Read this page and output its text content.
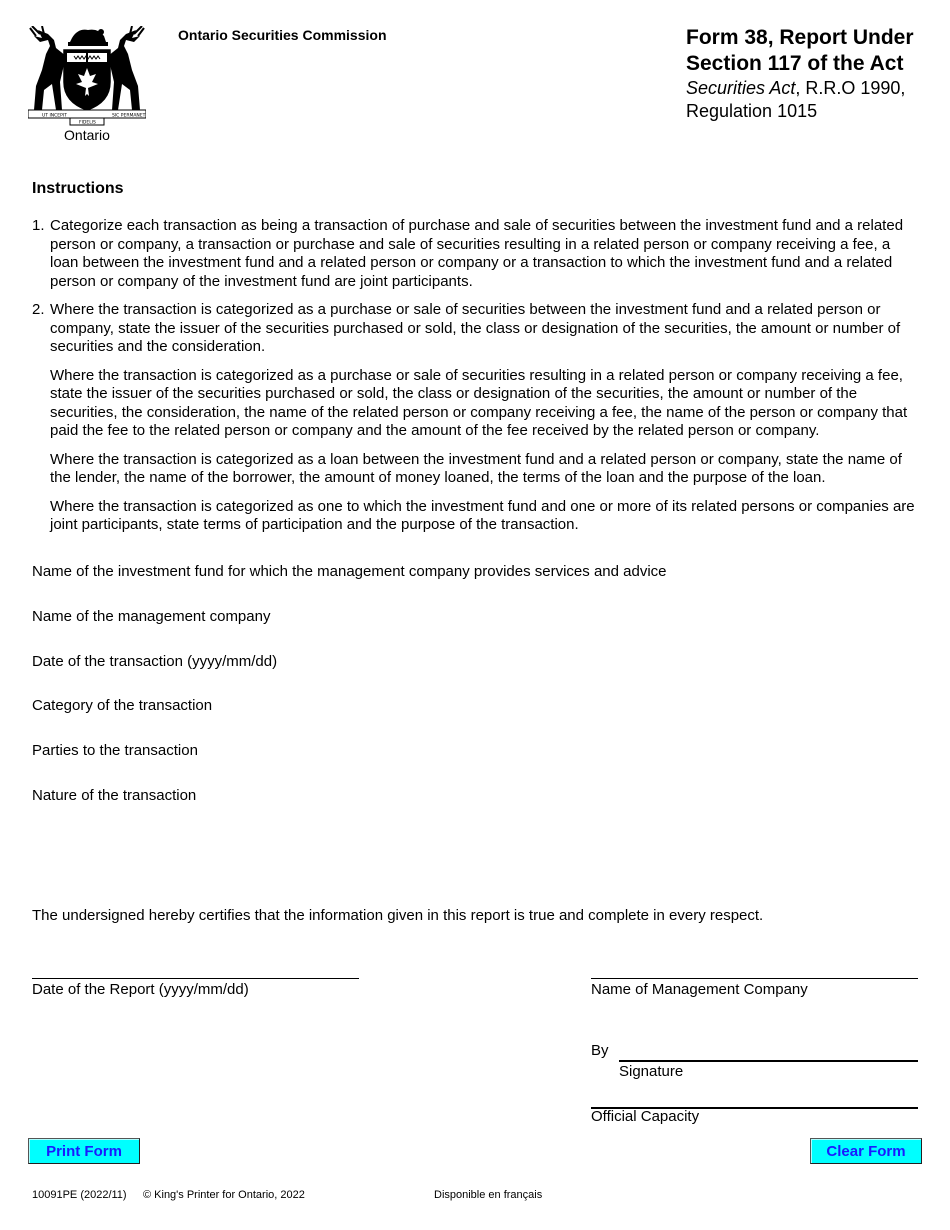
UT INCEPIT
FIDELIS
SIC PERMANET
Ontario
Ontario Securities Commission	Form 38, Report Under
Section 117 of the Act
Securities Act, R.R.O 1990,
Regulation 1015
Instructions
1. Categorize each transaction as being a transaction of purchase and sale of securities between the investment fund and a related person or company, a transaction or purchase and sale of securities resulting in a related person or company receiving a fee, a loan between the investment fund and a related person or company or a transaction to which the investment fund and a related person or company of the investment fund are joint participants.

2. Where the transaction is categorized as a purchase or sale of securities between the investment fund and a related person or company, state the issuer of the securities purchased or sold, the class or designation of the securities, the amount or number of securities and the consideration.

Where the transaction is categorized as a purchase or sale of securities resulting in a related person or company receiving a fee, state the issuer of the securities purchased or sold, the class or designation of the securities, the amount or number of the securities, the consideration, the name of the related person or company receiving a fee, the name of the person or company that paid the fee to the related person or company and the amount of the fee received by the related person or company.

Where the transaction is categorized as a loan between the investment fund and a related person or company, state the name of the lender, the name of the borrower, the amount of money loaned, the terms of the loan and the purpose of the loan.

Where the transaction is categorized as one to which the investment fund and one or more of its related persons or companies are joint participants, state terms of participation and the purpose of the transaction.

Name of the investment fund for which the management company provides services and advice
Name of the management company
Date of the transaction (yyyy/mm/dd)
Category of the transaction
Parties to the transaction
Nature of the transaction
The undersigned hereby certifies that the information given in this report is true and complete in every respect.
Date of the Report (yyyy/mm/dd)	Name of Management Company
By
Signature
Official Capacity
Print Form	Clear Form
10091PE (2022/11) © King's Printer for Ontario, 2022	Disponible en français
